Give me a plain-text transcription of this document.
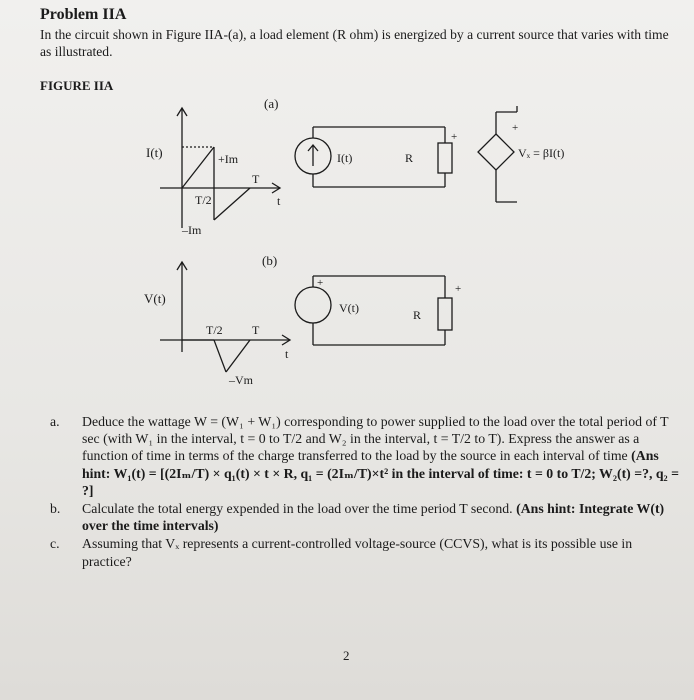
Problem IIA
In the circuit shown in Figure IIA-(a), a load element (R ohm) is energized by a current source that varies with time as illustrated.
FIGURE IIA
(a)
I(t)	+Im
T/2
T
t
–Im
I(t)	R
+
+
Vₓ = βI(t)
(b)
V(t)
T/2 T
t
–Vm
V(t)	R
+	+
a.	Deduce the wattage W = (W₁ + W₁) corresponding to power supplied to the load over the total period of T sec (with W₁ in the interval, t = 0 to T/2 and W₂ in the interval, t = T/2 to T). Express the answer as a function of time in terms of the charge transferred to the load by the source in each interval of time (Ans hint: W₁(t) = [(2Iₘ/T) × q₁(t) × t × R, q₁ = (2Iₘ/T)×t² in the interval of time: t = 0 to T/2; W₂(t) =?, q₂ = ?]
b.	Calculate the total energy expended in the load over the time period T second. (Ans hint: Integrate W(t) over the time intervals)
c.	Assuming that Vₓ represents a current-controlled voltage-source (CCVS), what is its possible use in practice?
2
